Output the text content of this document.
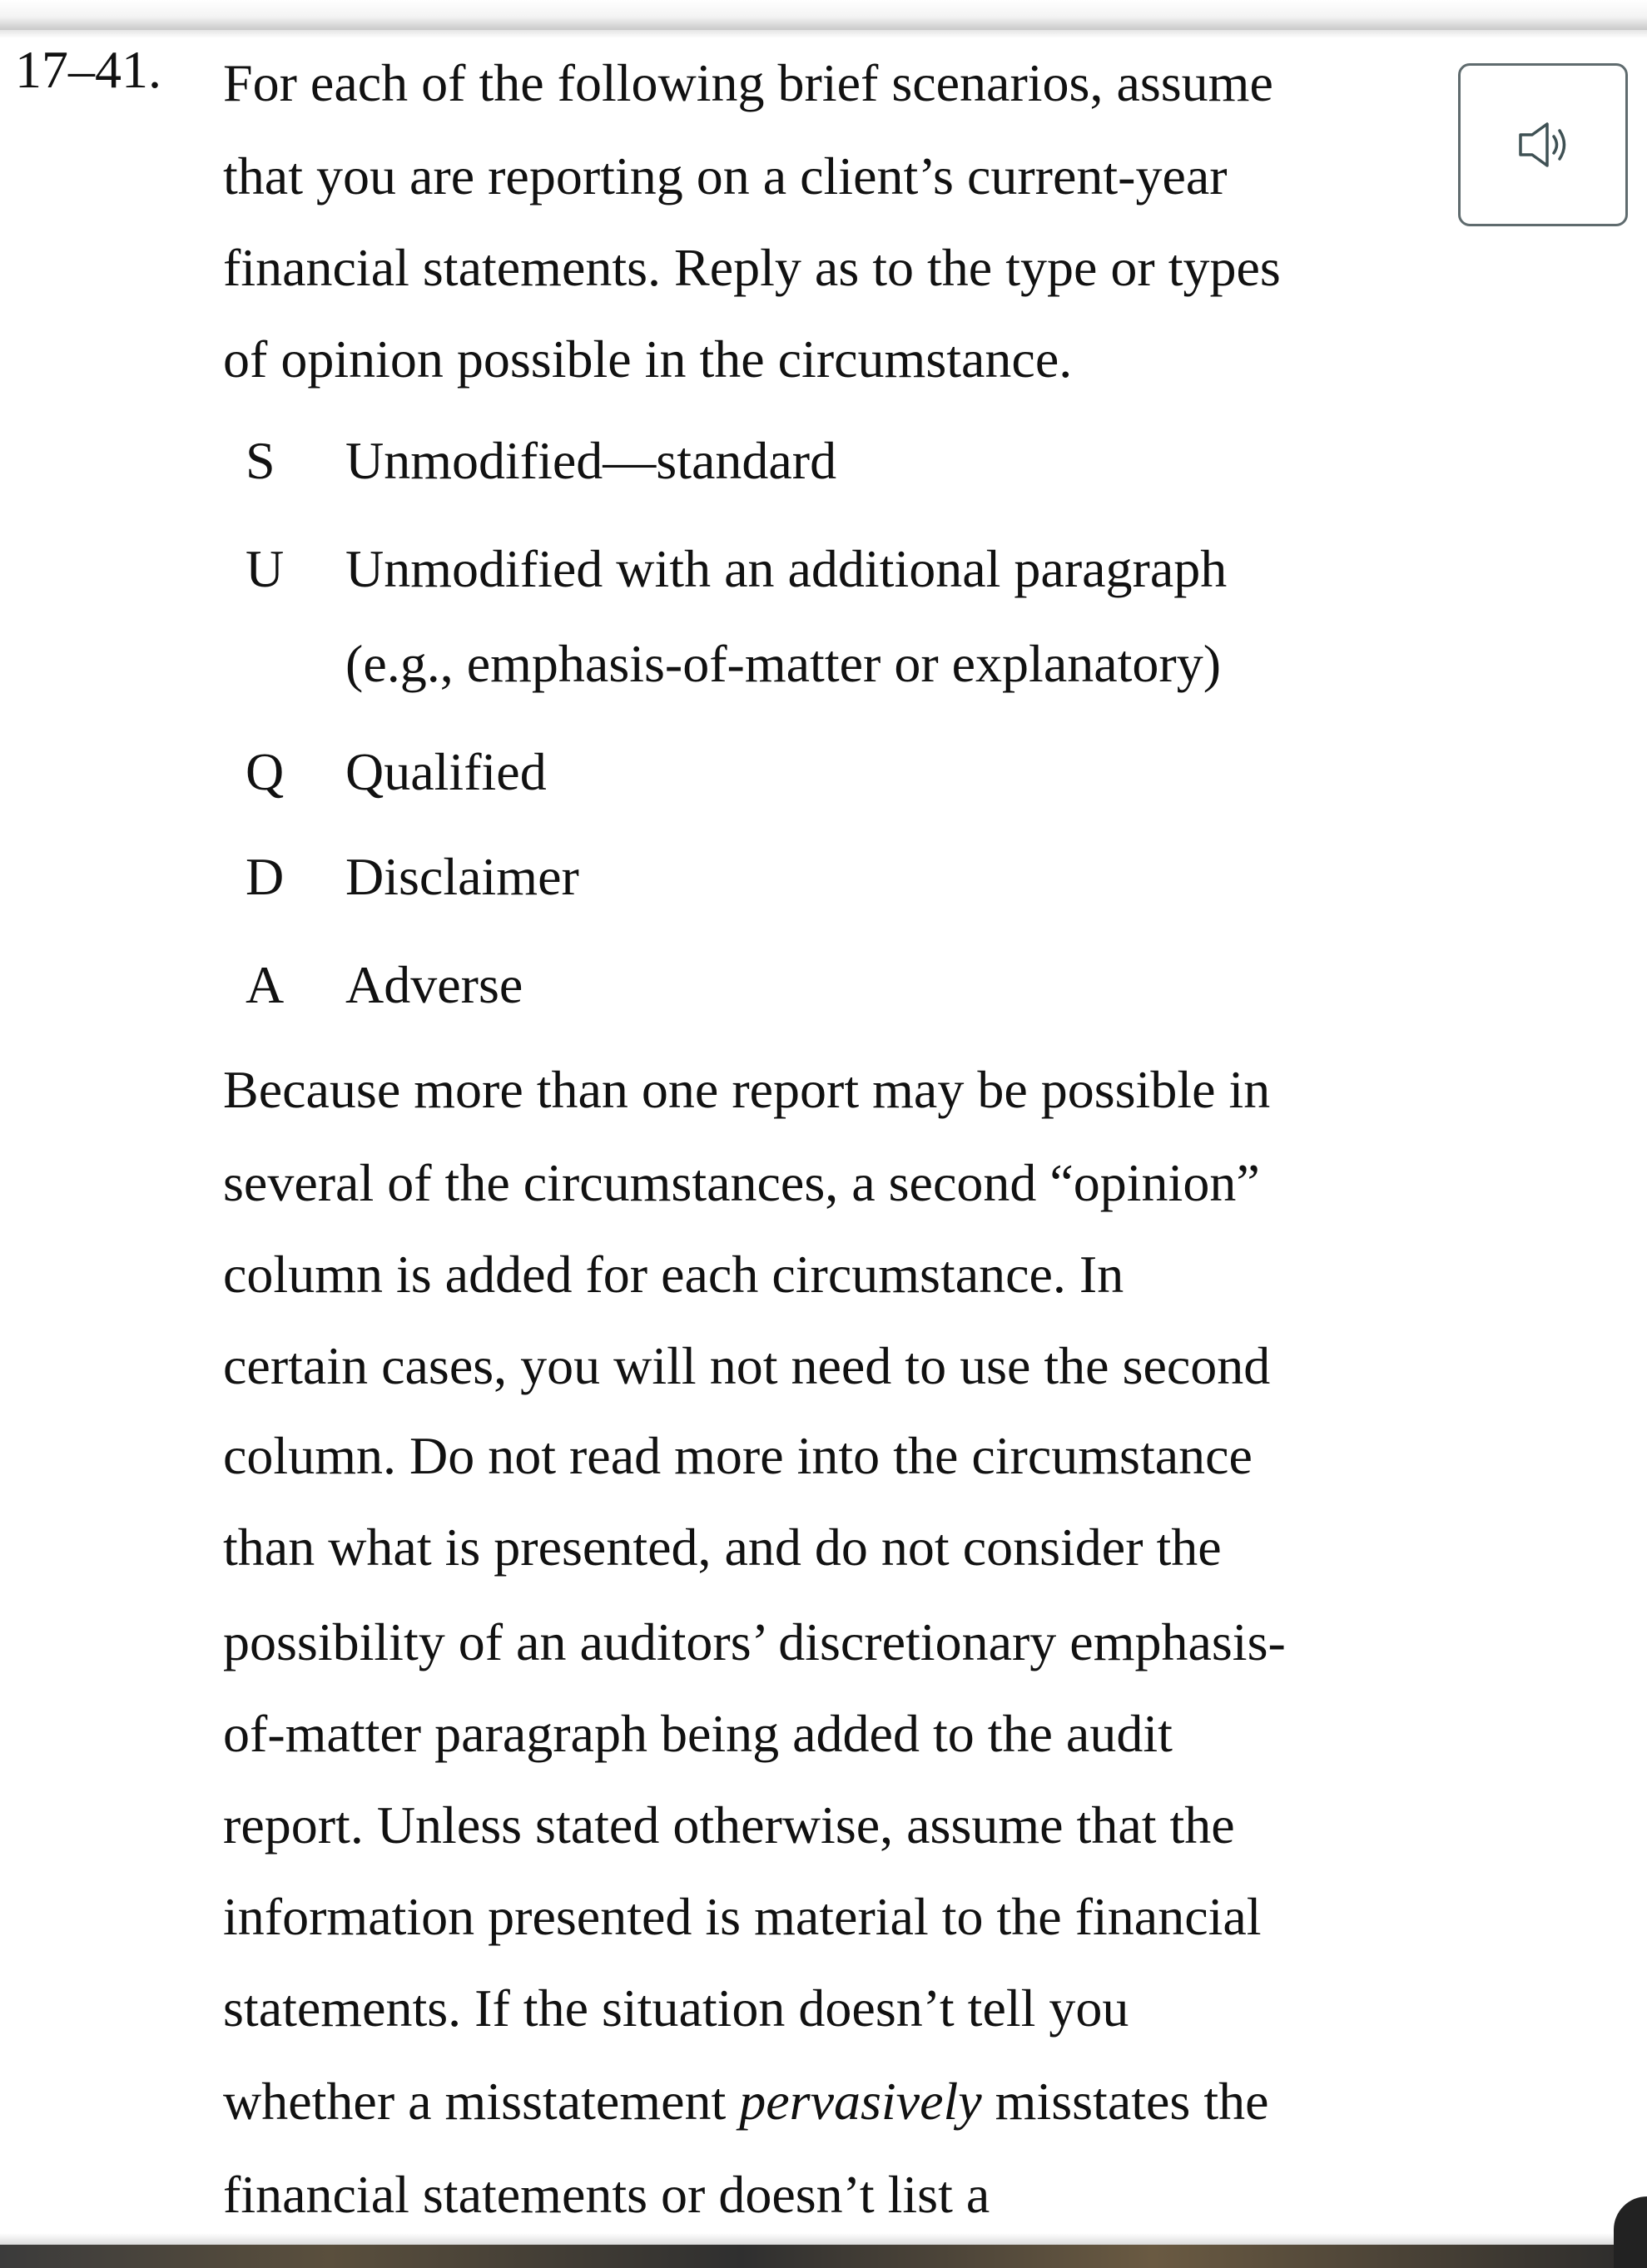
17–41. For each of the following brief scenarios, assume
that you are reporting on a client’s current-year
financial statements. Reply as to the type or types
of opinion possible in the circumstance.
S Unmodified—standard
U Unmodified with an additional paragraph
(e.g., emphasis-of-matter or explanatory)
Q Qualified
D Disclaimer
A Adverse
Because more than one report may be possible in
several of the circumstances, a second “opinion”
column is added for each circumstance. In
certain cases, you will not need to use the second
column. Do not read more into the circumstance
than what is presented, and do not consider the
possibility of an auditors’ discretionary emphasis-
of-matter paragraph being added to the audit
report. Unless stated otherwise, assume that the
information presented is material to the financial
statements. If the situation doesn’t tell you
whether a misstatement pervasively misstates the
financial statements or doesn’t list a
